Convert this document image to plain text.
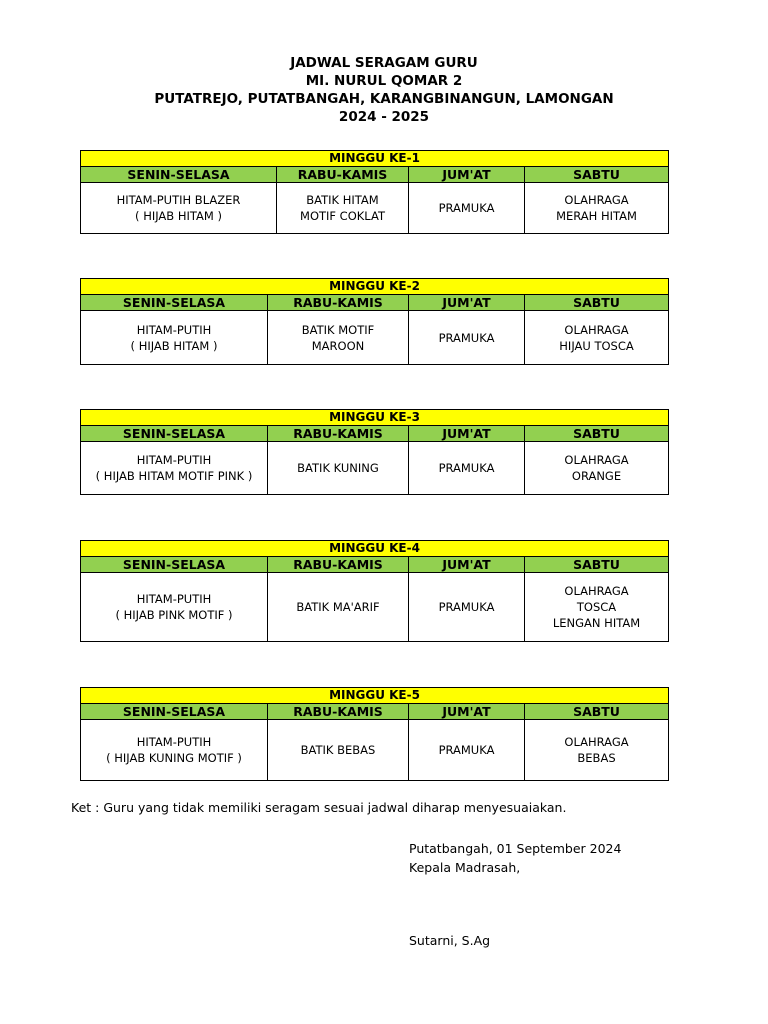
JADWAL SERAGAM GURU
MI. NURUL QOMAR 2
PUTATREJO, PUTATBANGAH, KARANGBINANGUN, LAMONGAN
2024 - 2025
MINGGU KE-1			
SENIN-SELASA	RABU-KAMIS	JUM'AT	SABTU

HITAM-PUTIH BLAZER
( HIJAB HITAM )	BATIK HITAM
MOTIF COKLAT	PRAMUKA	OLAHRAGA
MERAH HITAM
MINGGU KE-2			
SENIN-SELASA	RABU-KAMIS	JUM'AT	SABTU

HITAM-PUTIH
( HIJAB HITAM )	BATIK MOTIF
MAROON	PRAMUKA	OLAHRAGA
HIJAU TOSCA
MINGGU KE-3			
SENIN-SELASA	RABU-KAMIS	JUM'AT	SABTU

HITAM-PUTIH
( HIJAB HITAM MOTIF PINK )	BATIK KUNING	PRAMUKA	OLAHRAGA
ORANGE
MINGGU KE-4			
SENIN-SELASA	RABU-KAMIS	JUM'AT	SABTU

HITAM-PUTIH
( HIJAB PINK MOTIF )	BATIK MA'ARIF	PRAMUKA	OLAHRAGA
TOSCA
LENGAN HITAM
MINGGU KE-5			
SENIN-SELASA	RABU-KAMIS	JUM'AT	SABTU

HITAM-PUTIH
( HIJAB KUNING MOTIF )	BATIK BEBAS	PRAMUKA	OLAHRAGA
BEBAS
Ket : Guru yang tidak memiliki seragam sesuai jadwal diharap menyesuaiakan.
Putatbangah, 01 September 2024
Kepala Madrasah,
Sutarni, S.Ag
